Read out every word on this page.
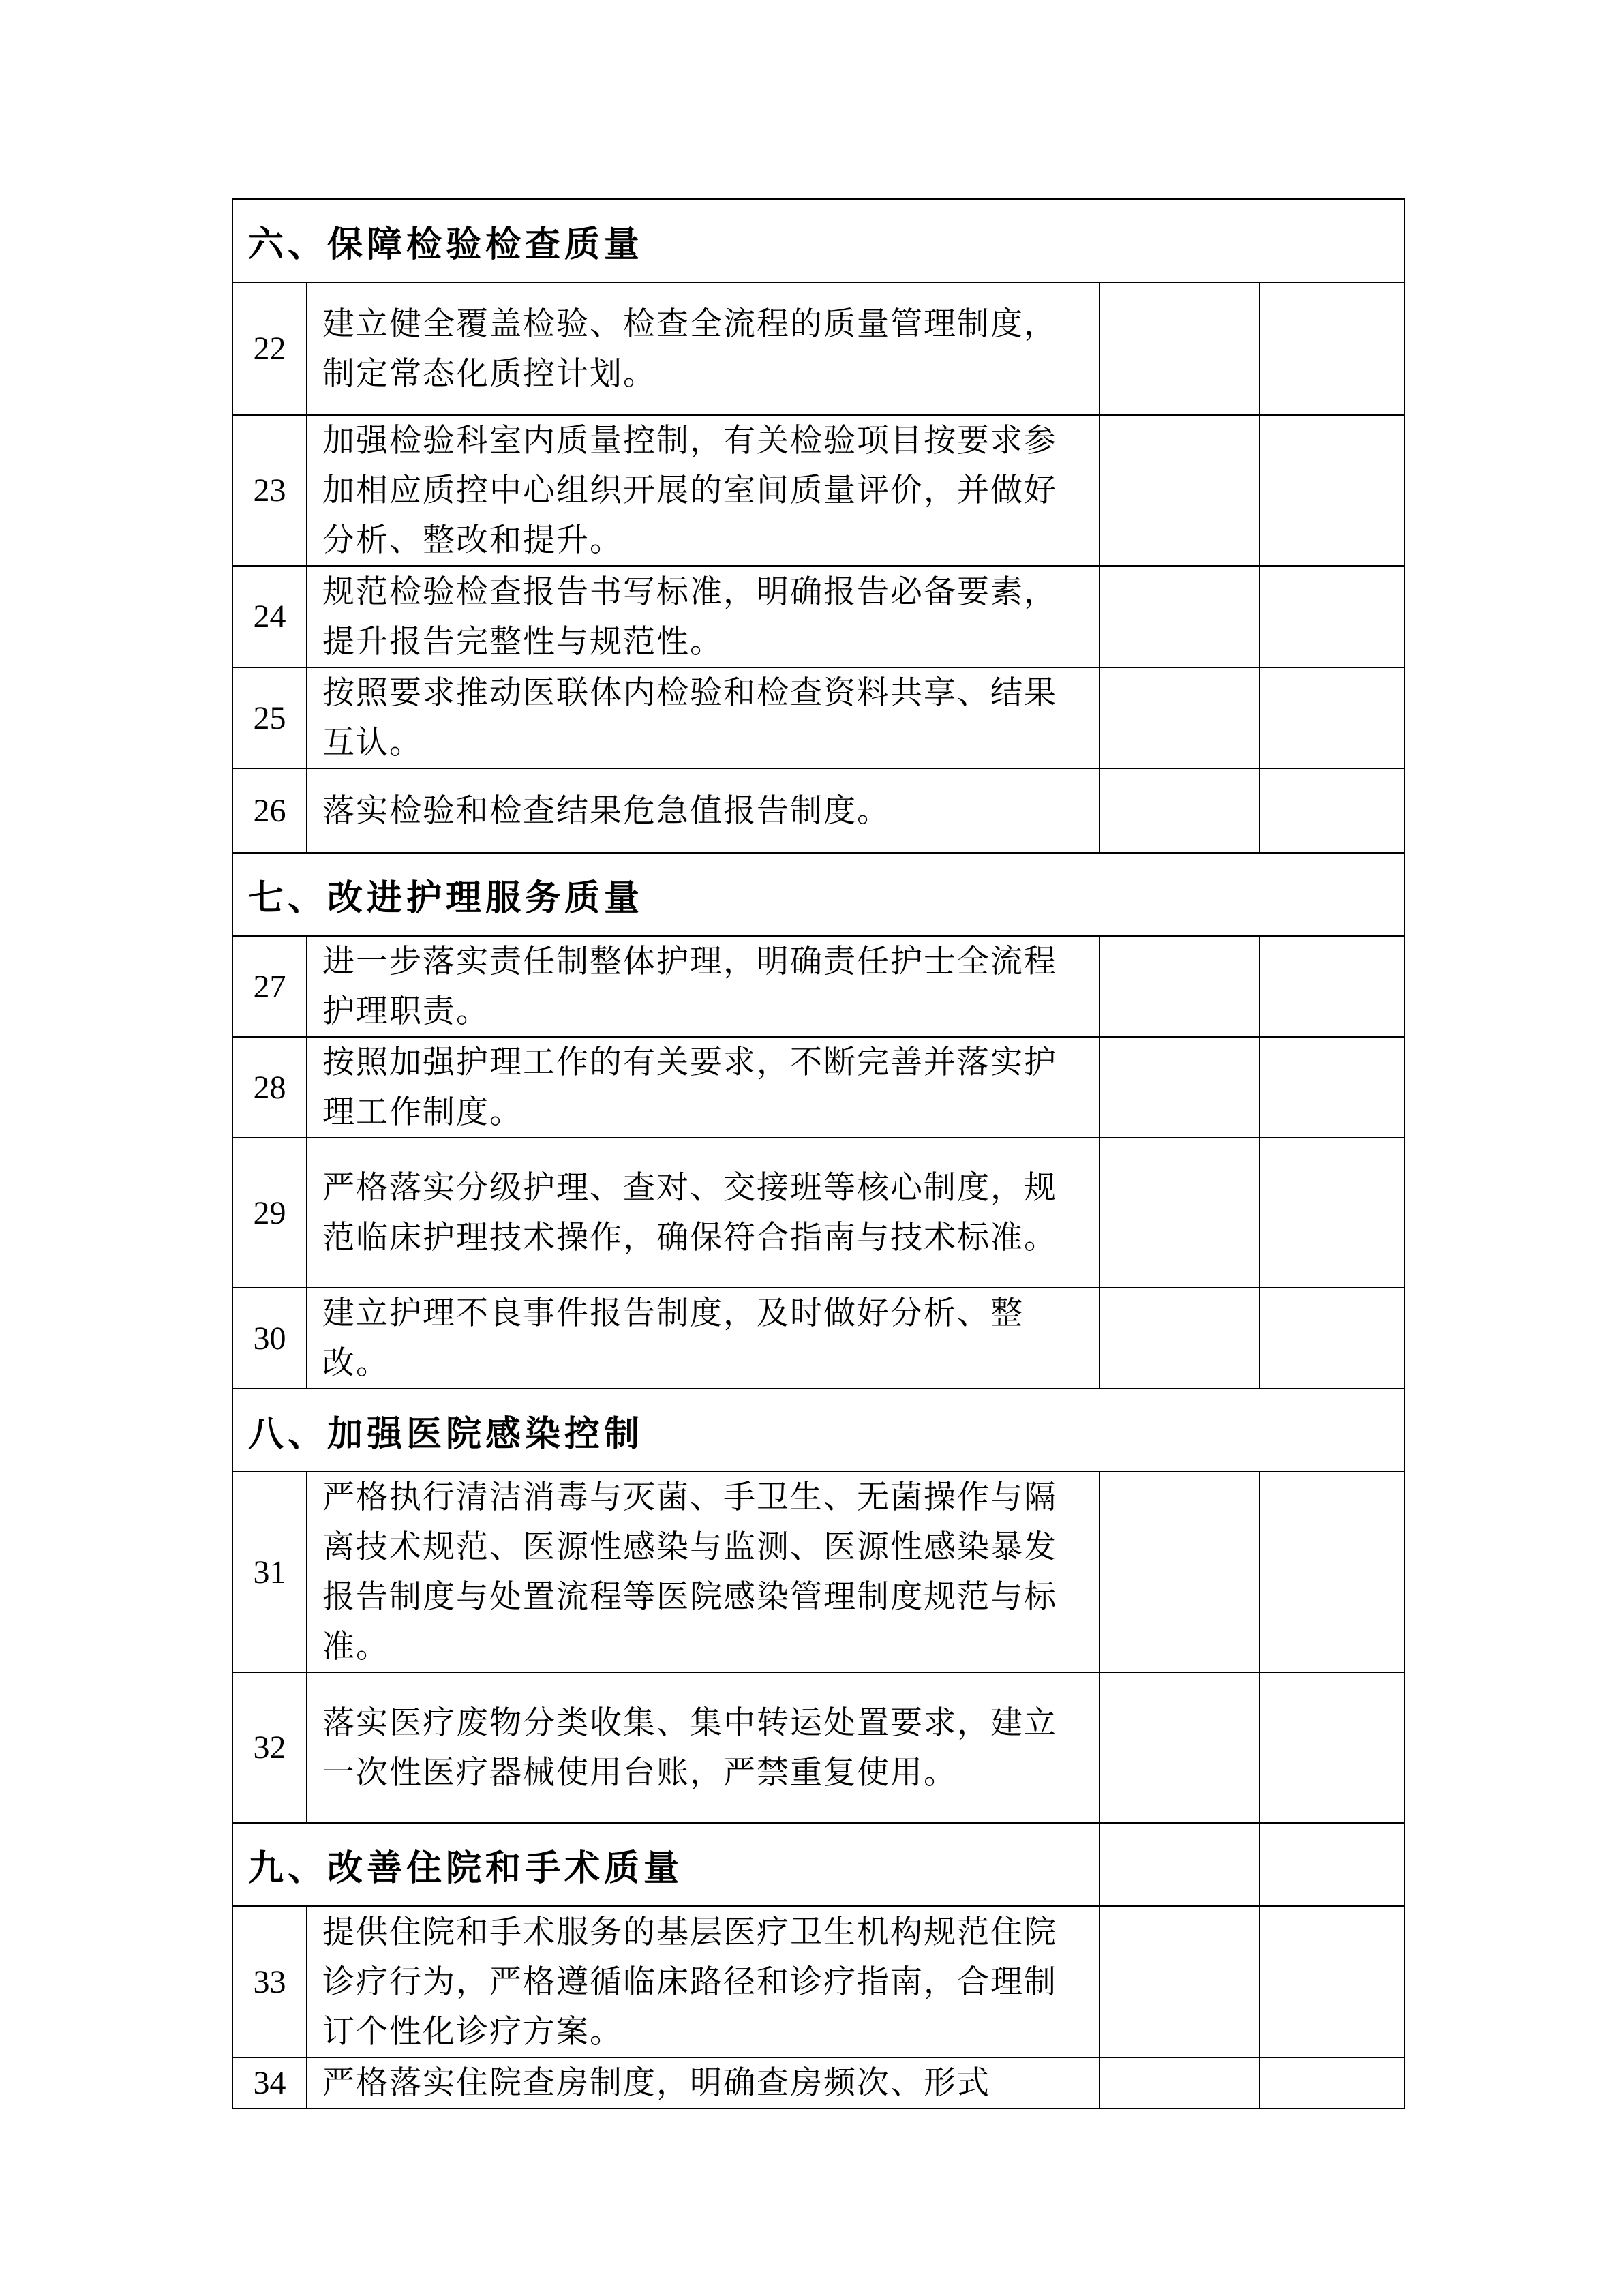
六、保障检验检查质量			
22	建立健全覆盖检验、检查全流程的质量管理制度，制定常态化质控计划。		
23	加强检验科室内质量控制，有关检验项目按要求参加相应质控中心组织开展的室间质量评价，并做好分析、整改和提升。		
24	规范检验检查报告书写标准，明确报告必备要素，提升报告完整性与规范性。		
25	按照要求推动医联体内检验和检查资料共享、结果互认。		
26	落实检验和检查结果危急值报告制度。		
七、改进护理服务质量			
27	进一步落实责任制整体护理，明确责任护士全流程护理职责。		
28	按照加强护理工作的有关要求，不断完善并落实护理工作制度。		
29	严格落实分级护理、查对、交接班等核心制度，规范临床护理技术操作，确保符合指南与技术标准。		
30	建立护理不良事件报告制度，及时做好分析、整改。		
八、加强医院感染控制			
31	严格执行清洁消毒与灭菌、手卫生、无菌操作与隔离技术规范、医源性感染与监测、医源性感染暴发报告制度与处置流程等医院感染管理制度规范与标准。		
32	落实医疗废物分类收集、集中转运处置要求，建立一次性医疗器械使用台账，严禁重复使用。		
九、改善住院和手术质量			
33	提供住院和手术服务的基层医疗卫生机构规范住院诊疗行为，严格遵循临床路径和诊疗指南，合理制订个性化诊疗方案。		
34	严格落实住院查房制度，明确查房频次、形式		
